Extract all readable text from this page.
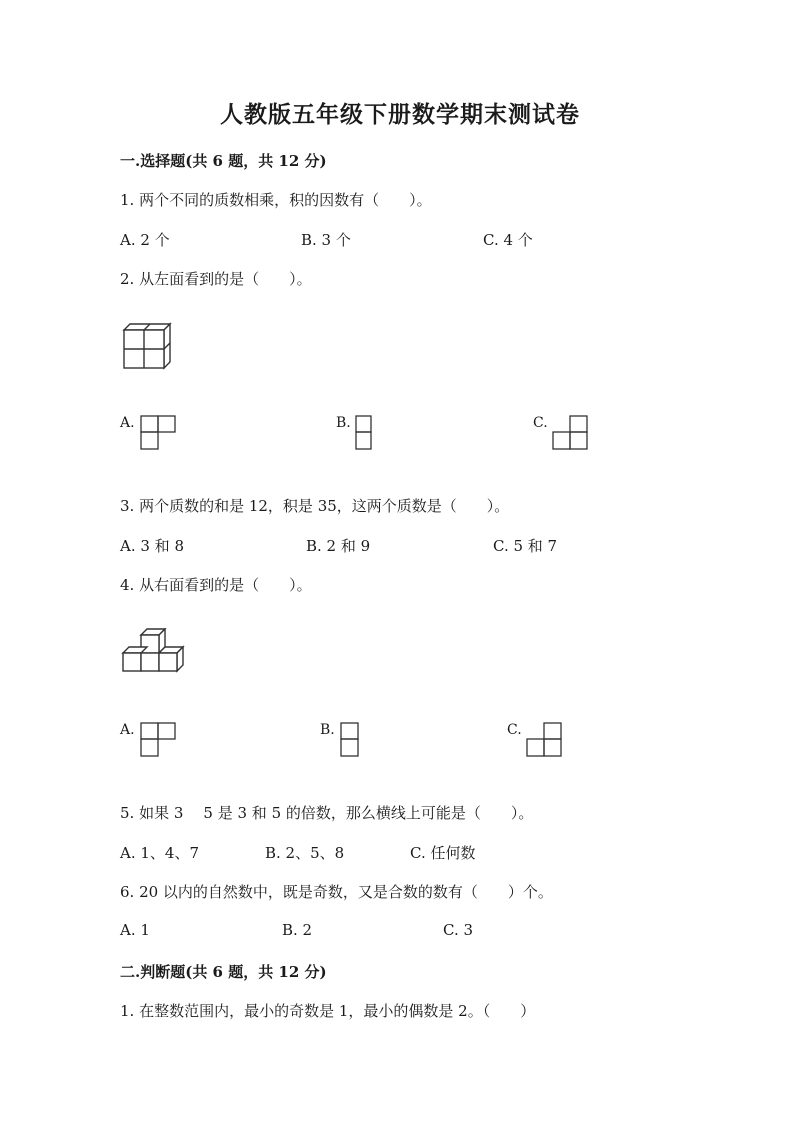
人教版五年级下册数学期末测试卷
一.选择题(共 6 题，共 12 分)
1. 两个不同的质数相乘，积的因数有（　　）。
A. 2 个	B. 3 个	C. 4 个
2. 从左面看到的是（　　）。
A.	B.	C.
3. 两个质数的和是 12，积是 35，这两个质数是（　　）。
A. 3 和 8	B. 2 和 9	C. 5 和 7
4. 从右面看到的是（　　）。
A.	B.	C.
5. 如果 3 5 是 3 和 5 的倍数，那么横线上可能是（　　）。
A. 1、4、7	B. 2、5、8	C. 任何数
6. 20 以内的自然数中，既是奇数，又是合数的数有（　　）个。
A. 1	B. 2	C. 3
二.判断题(共 6 题，共 12 分)
1. 在整数范围内，最小的奇数是 1，最小的偶数是 2。（　　）
